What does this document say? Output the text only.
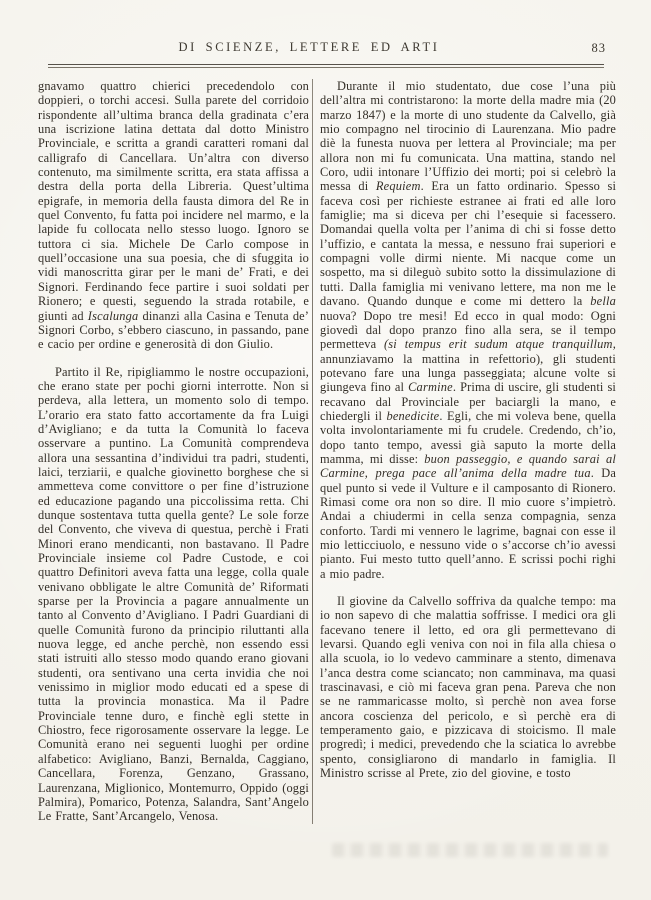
DI SCIENZE, LETTERE ED ARTI	83

gnavamo quattro chierici precedendolo con doppieri, o torchi accesi. Sulla parete del corridoio rispondente all’ultima branca della gradinata c’era una iscrizione latina dettata dal dotto Ministro Provinciale, e scritta a grandi caratteri romani dal calligrafo di Cancellara. Un’altra con diverso contenuto, ma similmente scritta, era stata affissa a destra della porta della Libreria. Quest’ultima epigrafe, in memoria della fausta dimora del Re in quel Convento, fu fatta poi incidere nel marmo, e la lapide fu collocata nello stesso luogo. Ignoro se tuttora ci sia. Michele De Carlo compose in quell’occasione una sua poesia, che di sfuggita io vidi manoscritta girar per le mani de’ Frati, e dei Signori. Ferdinando fece partire i suoi soldati per Rionero; e questi, seguendo la strada rotabile, e giunti ad Iscalunga dinanzi alla Casina e Tenuta de’ Signori Corbo, s’ebbero ciascuno, in passando, pane e cacio per ordine e generosità di don Giulio.

Partito il Re, ripigliammo le nostre occupazioni, che erano state per pochi giorni interrotte. Non si perdeva, alla lettera, un momento solo di tempo. L’orario era stato fatto accortamente da fra Luigi d’Avigliano; e da tutta la Comunità lo faceva osservare a puntino. La Comunità comprendeva allora una sessantina d’individui tra padri, studenti, laici, terziarii, e qualche giovinetto borghese che si ammetteva come convittore o per fine d’istruzione ed educazione pagando una piccolissima retta. Chi dunque sostentava tutta quella gente? Le sole forze del Convento, che viveva di questua, perchè i Frati Minori erano mendicanti, non bastavano. Il Padre Provinciale insieme col Padre Custode, e coi quattro Definitori aveva fatta una legge, colla quale venivano obbligate le altre Comunità de’ Riformati sparse per la Provincia a pagare annualmente un tanto al Convento d’Avigliano. I Padri Guardiani di quelle Comunità furono da principio riluttanti alla nuova legge, ed anche perchè, non essendo essi stati istruiti allo stesso modo quando erano giovani studenti, ora sentivano una certa invidia che noi venissimo in miglior modo educati ed a spese di tutta la provincia monastica. Ma il Padre Provinciale tenne duro, e finchè egli stette in Chiostro, fece rigorosamente osservare la legge. Le Comunità erano nei seguenti luoghi per ordine alfabetico: Avigliano, Banzi, Bernalda, Caggiano, Cancellara, Forenza, Genzano, Grassano, Laurenzana, Miglionico, Montemurro, Oppido (oggi Palmira), Pomarico, Potenza, Salandra, Sant’Angelo Le Fratte, Sant’Arcangelo, Venosa.

Durante il mio studentato, due cose l’una più dell’altra mi contristarono: la morte della madre mia (20 marzo 1847) e la morte di uno studente da Calvello, già mio compagno nel tirocinio di Laurenzana. Mio padre diè la funesta nuova per lettera al Provinciale; ma per allora non mi fu comunicata. Una mattina, stando nel Coro, udii intonare l’Uffizio dei morti; poi si celebrò la messa di Requiem. Era un fatto ordinario. Spesso si faceva così per richieste estranee ai frati ed alle loro famiglie; ma si diceva per chi l’esequie si facessero. Domandai quella volta per l’anima di chi si fosse detto l’uffizio, e cantata la messa, e nessuno frai superiori e compagni volle dirmi niente. Mi nacque come un sospetto, ma si dileguò subito sotto la dissimulazione di tutti. Dalla famiglia mi venivano lettere, ma non me le davano. Quando dunque e come mi dettero la bella nuova? Dopo tre mesi! Ed ecco in qual modo: Ogni giovedì dal dopo pranzo fino alla sera, se il tempo permetteva (si tempus erit sudum atque tranquillum, annunziavamo la mattina in refettorio), gli studenti potevano fare una lunga passeggiata; alcune volte si giungeva fino al Carmine. Prima di uscire, gli studenti si recavano dal Provinciale per baciargli la mano, e chiedergli il benedicite. Egli, che mi voleva bene, quella volta involontariamente mi fu crudele. Credendo, ch’io, dopo tanto tempo, avessi già saputo la morte della mamma, mi disse: buon passeggio, e quando sarai al Carmine, prega pace all’anima della madre tua. Da quel punto si vede il Vulture e il camposanto di Rionero. Rimasi come ora non so dire. Il mio cuore s’impietrò. Andai a chiudermi in cella senza compagnia, senza conforto. Tardi mi vennero le lagrime, bagnai con esse il mio letticciuolo, e nessuno vide o s’accorse ch’io avessi pianto. Fui mesto tutto quell’anno. E scrissi pochi righi a mio padre.

Il giovine da Calvello soffriva da qualche tempo: ma io non sapevo di che malattia soffrisse. I medici ora gli facevano tenere il letto, ed ora gli permettevano di levarsi. Quando egli veniva con noi in fila alla chiesa o alla scuola, io lo vedevo camminare a stento, dimenava l’anca destra come sciancato; non camminava, ma quasi trascinavasi, e ciò mi faceva gran pena. Pareva che non se ne rammaricasse molto, sì perchè non avea forse ancora coscienza del pericolo, e sì perchè era di temperamento gaio, e pizzicava di stoicismo. Il male progredì; i medici, prevedendo che la sciatica lo avrebbe spento, consigliarono di mandarlo in famiglia. Il Ministro scrisse al Prete, zio del giovine, e tosto
